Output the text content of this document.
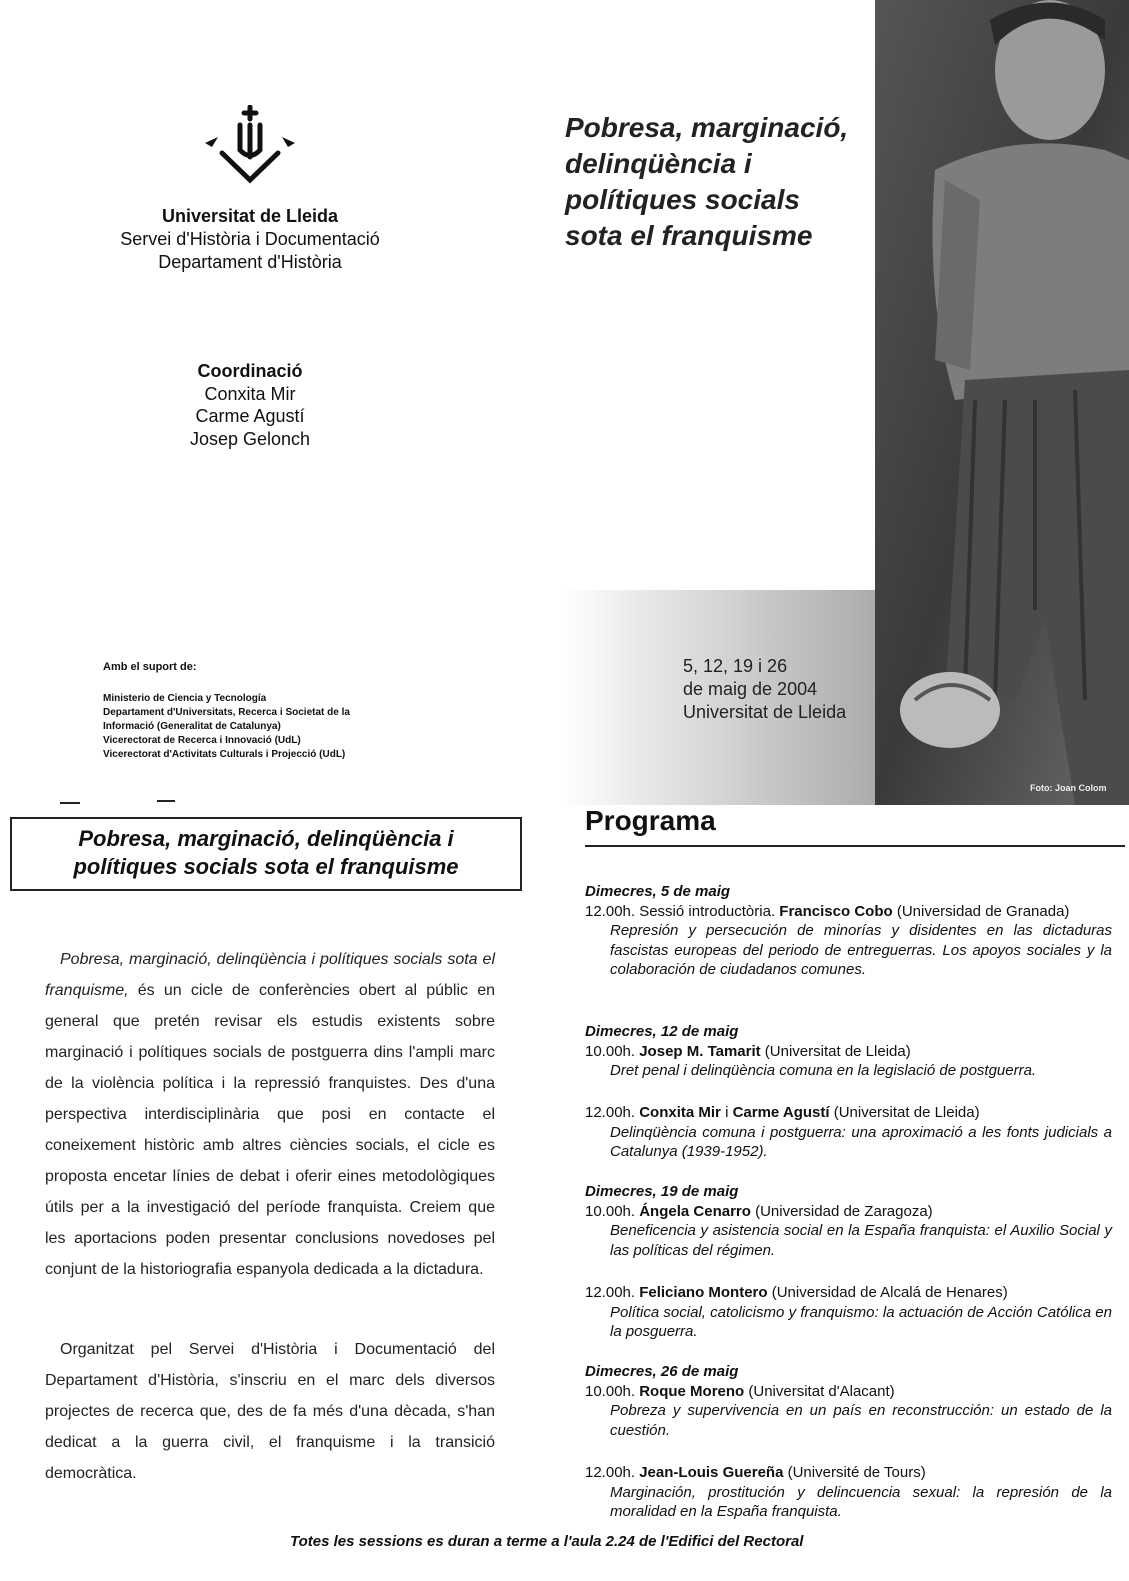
Universitat de Lleida
Servei d'Història i Documentació
Departament d'Història
Coordinació
Conxita Mir
Carme Agustí
Josep Gelonch
Pobresa, marginació,
delinqüència i
polítiques socials
sota el franquisme
5, 12, 19 i 26
de maig de 2004
Universitat de Lleida
Foto: Joan Colom
Amb el suport de:
Ministerio de Ciencia y Tecnología
Departament d'Universitats, Recerca i Societat de la
Informació (Generalitat de Catalunya)
Vicerectorat de Recerca i Innovació (UdL)
Vicerectorat d'Activitats Culturals i Projecció (UdL)
Pobresa, marginació, delinqüència i
polítiques socials sota el franquisme
Pobresa, marginació, delinqüència i polítiques socials sota el franquisme, és un cicle de conferències obert al públic en general que pretén revisar els estudis existents sobre marginació i polítiques socials de postguerra dins l'ampli marc de la violència política i la repressió franquistes. Des d'una perspectiva interdisciplinària que posi en contacte el coneixement històric amb altres ciències socials, el cicle es proposta encetar línies de debat i oferir eines metodològiques útils per a la investigació del període franquista. Creiem que les aportacions poden presentar conclusions novedoses pel conjunt de la historiografia espanyola dedicada a la dictadura.
Organitzat pel Servei d'Història i Documentació del Departament d'Història, s'inscriu en el marc dels diversos projectes de recerca que, des de fa més d'una dècada, s'han dedicat a la guerra civil, el franquisme i la transició democràtica.
Programa
Dimecres, 5 de maig
12.00h. Sessió introductòria. Francisco Cobo (Universidad de Granada)
Represión y persecución de minorías y disidentes en las dictaduras fascistas europeas del periodo de entreguerras. Los apoyos sociales y la colaboración de ciudadanos comunes.
Dimecres, 12 de maig
10.00h. Josep M. Tamarit (Universitat de Lleida)
Dret penal i delinqüència comuna en la legislació de postguerra.
12.00h. Conxita Mir i Carme Agustí (Universitat de Lleida)
Delinqüència comuna i postguerra: una aproximació a les fonts judicials a Catalunya (1939-1952).
Dimecres, 19 de maig
10.00h. Ángela Cenarro (Universidad de Zaragoza)
Beneficencia y asistencia social en la España franquista: el Auxilio Social y las políticas del régimen.
12.00h. Feliciano Montero (Universidad de Alcalá de Henares)
Política social, catolicismo y franquismo: la actuación de Acción Católica en la posguerra.
Dimecres, 26 de maig
10.00h. Roque Moreno (Universitat d'Alacant)
Pobreza y supervivencia en un país en reconstrucción: un estado de la cuestión.
12.00h. Jean-Louis Guereña (Université de Tours)
Marginación, prostitución y delincuencia sexual: la represión de la moralidad en la España franquista.
Totes les sessions es duran a terme a l'aula 2.24 de l'Edifici del Rectoral
